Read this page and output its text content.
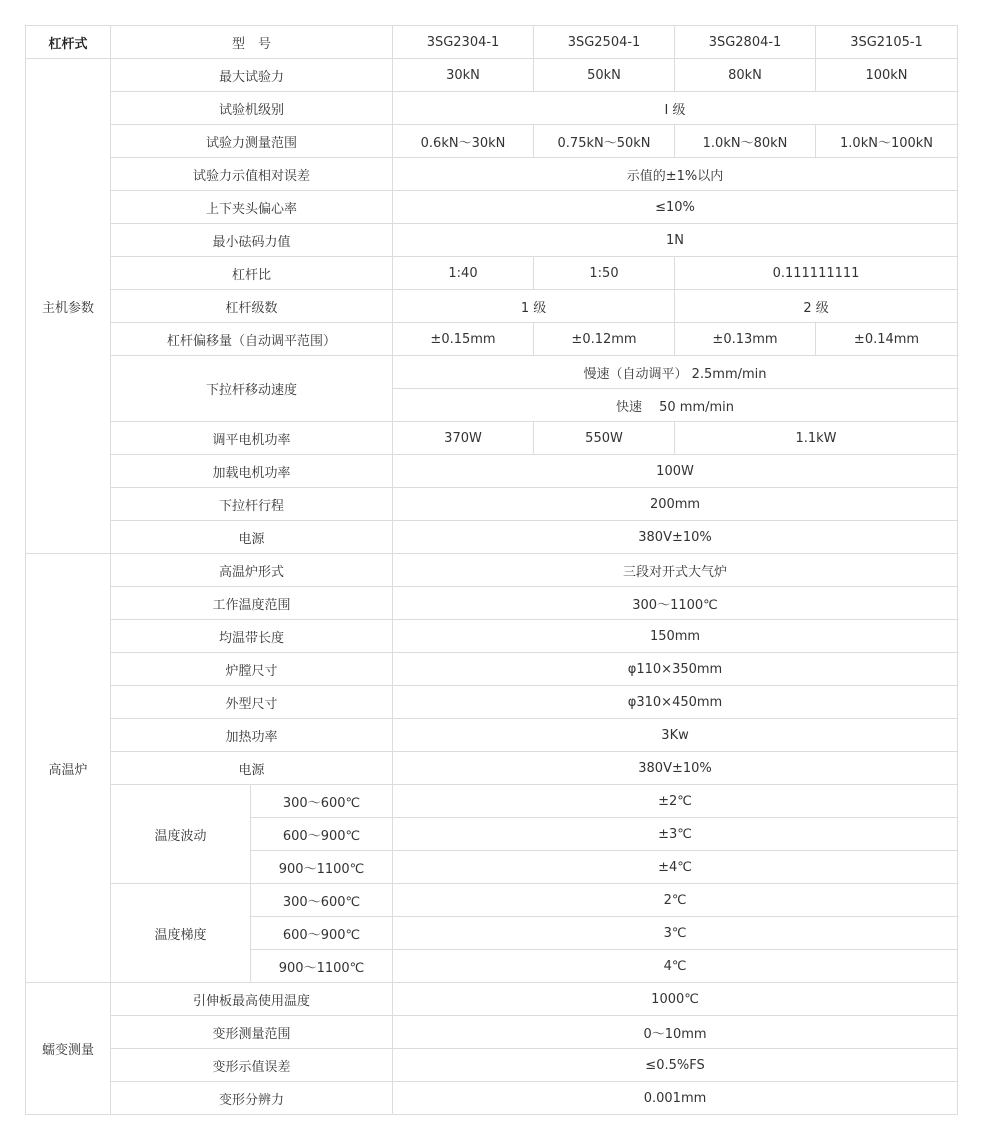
杠杆式	型　号		3SG2304-1	3SG2504-1	3SG2804-1	3SG2105-1
主机参数	最大试验力		30kN	50kN	80kN	100kN
	试验机级别		I 级			
	试验力测量范围		0.6kN～30kN	0.75kN～50kN	1.0kN～80kN	1.0kN～100kN
	试验力示值相对误差		示值的±1%以内			
	上下夹头偏心率		≤10%			
	最小砝码力值		1N			
	杠杆比		1:40	1:50	0.111111111	
	杠杆级数		1 级		2 级	
	杠杆偏移量（自动调平范围）		±0.15mm	±0.12mm	±0.13mm	±0.14mm
	下拉杆移动速度		慢速（自动调平） 2.5mm/min			
			快速　 50 mm/min			
	调平电机功率		370W	550W	1.1kW	
	加载电机功率		100W			
	下拉杆行程		200mm			
	电源		380V±10%			
高温炉	高温炉形式		三段对开式大气炉			
	工作温度范围		300～1100℃			
	均温带长度		150mm			
	炉膛尺寸		φ110×350mm			
	外型尺寸		φ310×450mm			
	加热功率		3Kw			
	电源		380V±10%			
	温度波动	300～600℃	±2℃			
		600～900℃	±3℃			
		900～1100℃	±4℃			
	温度梯度	300～600℃	2℃			
		600～900℃	3℃			
		900～1100℃	4℃			
蠕变测量	引伸板最高使用温度		1000℃			
	变形测量范围		0～10mm			
	变形示值误差		≤0.5%FS			
	变形分辨力		0.001mm			
